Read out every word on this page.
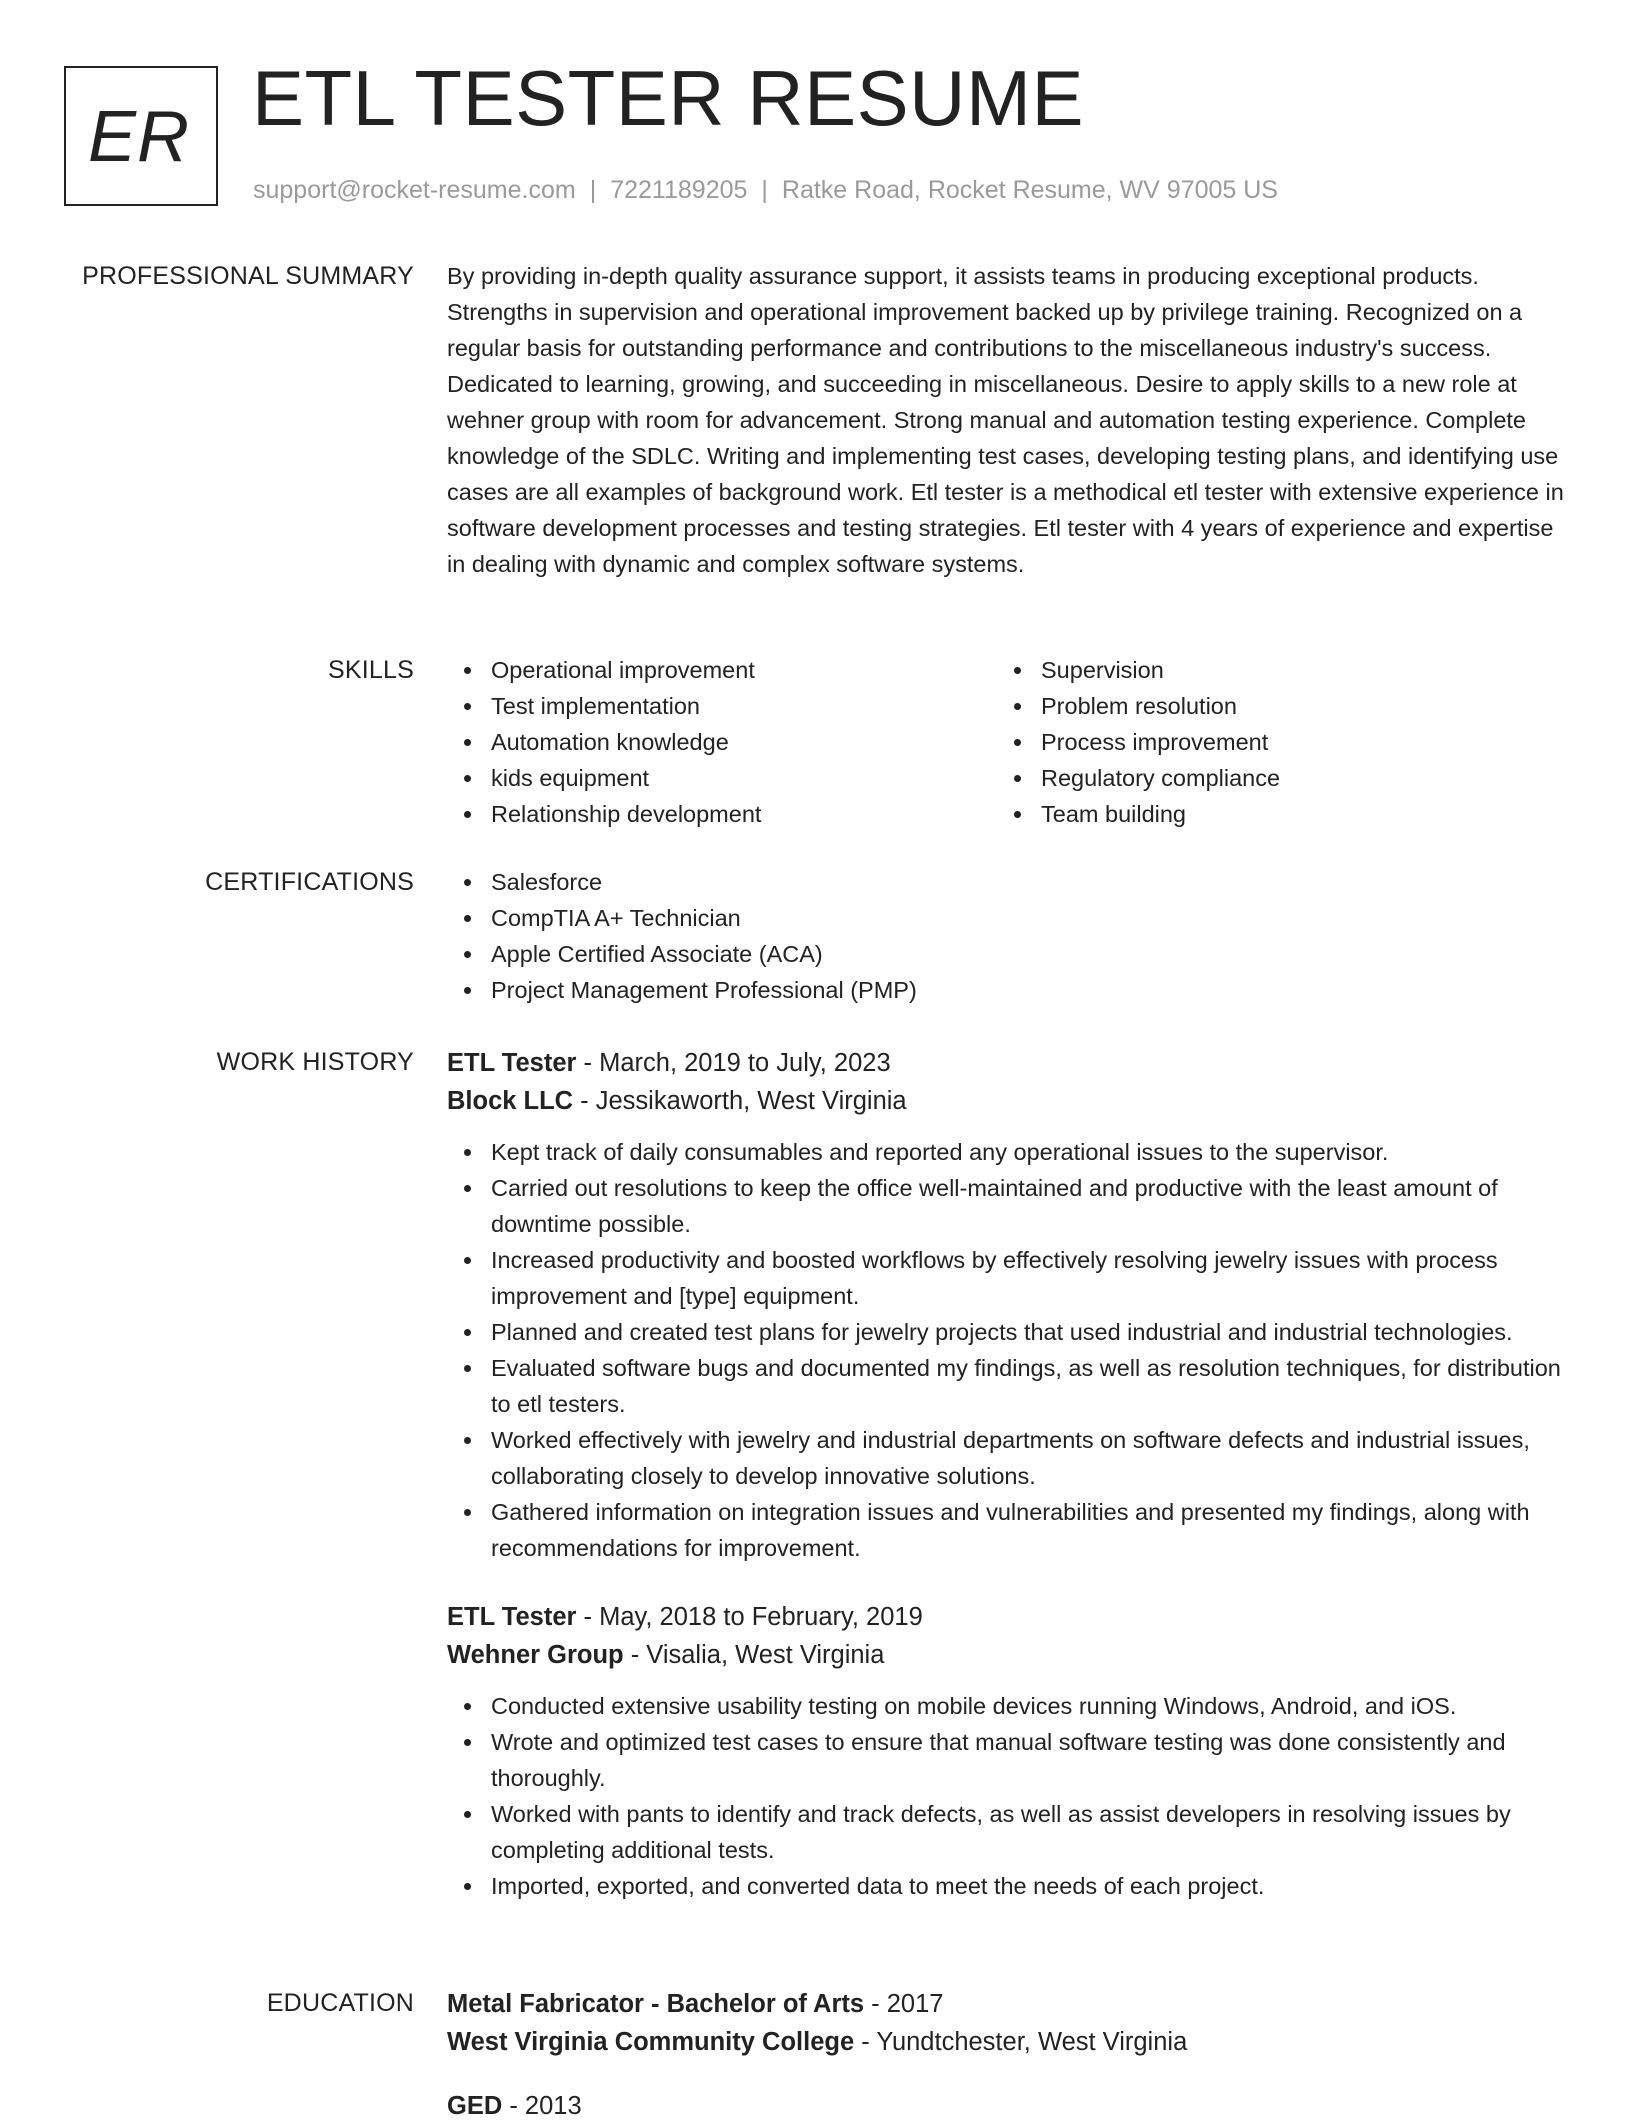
ER ETL TESTER RESUME
support@rocket-resume.com | 7221189205 | Ratke Road, Rocket Resume, WV 97005 US
PROFESSIONAL SUMMARY By providing in-depth quality assurance support, it assists teams in producing exceptional products. Strengths in supervision and operational improvement backed up by privilege training. Recognized on a regular basis for outstanding performance and contributions to the miscellaneous industry's success. Dedicated to learning, growing, and succeeding in miscellaneous. Desire to apply skills to a new role at wehner group with room for advancement. Strong manual and automation testing experience. Complete knowledge of the SDLC. Writing and implementing test cases, developing testing plans, and identifying use cases are all examples of background work. Etl tester is a methodical etl tester with extensive experience in software development processes and testing strategies. Etl tester with 4 years of experience and expertise in dealing with dynamic and complex software systems.

SKILLS	Operational improvement
Test implementation
Automation knowledge
kids equipment
Relationship development
Supervision
Problem resolution
Process improvement
Regulatory compliance
Team building
CERTIFICATIONS	Salesforce
CompTIA A+ Technician
Apple Certified Associate (ACA)
Project Management Professional (PMP)
WORK HISTORY ETL Tester - March, 2019 to July, 2023
Block LLC - Jessikaworth, West Virginia
Kept track of daily consumables and reported any operational issues to the supervisor.
Carried out resolutions to keep the office well-maintained and productive with the least amount of downtime possible.
Increased productivity and boosted workflows by effectively resolving jewelry issues with process improvement and [type] equipment.
Planned and created test plans for jewelry projects that used industrial and industrial technologies.
Evaluated software bugs and documented my findings, as well as resolution techniques, for distribution to etl testers.
Worked effectively with jewelry and industrial departments on software defects and industrial issues, collaborating closely to develop innovative solutions.
Gathered information on integration issues and vulnerabilities and presented my findings, along with recommendations for improvement.
ETL Tester - May, 2018 to February, 2019
Wehner Group - Visalia, West Virginia
Conducted extensive usability testing on mobile devices running Windows, Android, and iOS.
Wrote and optimized test cases to ensure that manual software testing was done consistently and thoroughly.
Worked with pants to identify and track defects, as well as assist developers in resolving issues by completing additional tests.
Imported, exported, and converted data to meet the needs of each project.
EDUCATION Metal Fabricator - Bachelor of Arts - 2017
West Virginia Community College - Yundtchester, West Virginia
GED - 2013
